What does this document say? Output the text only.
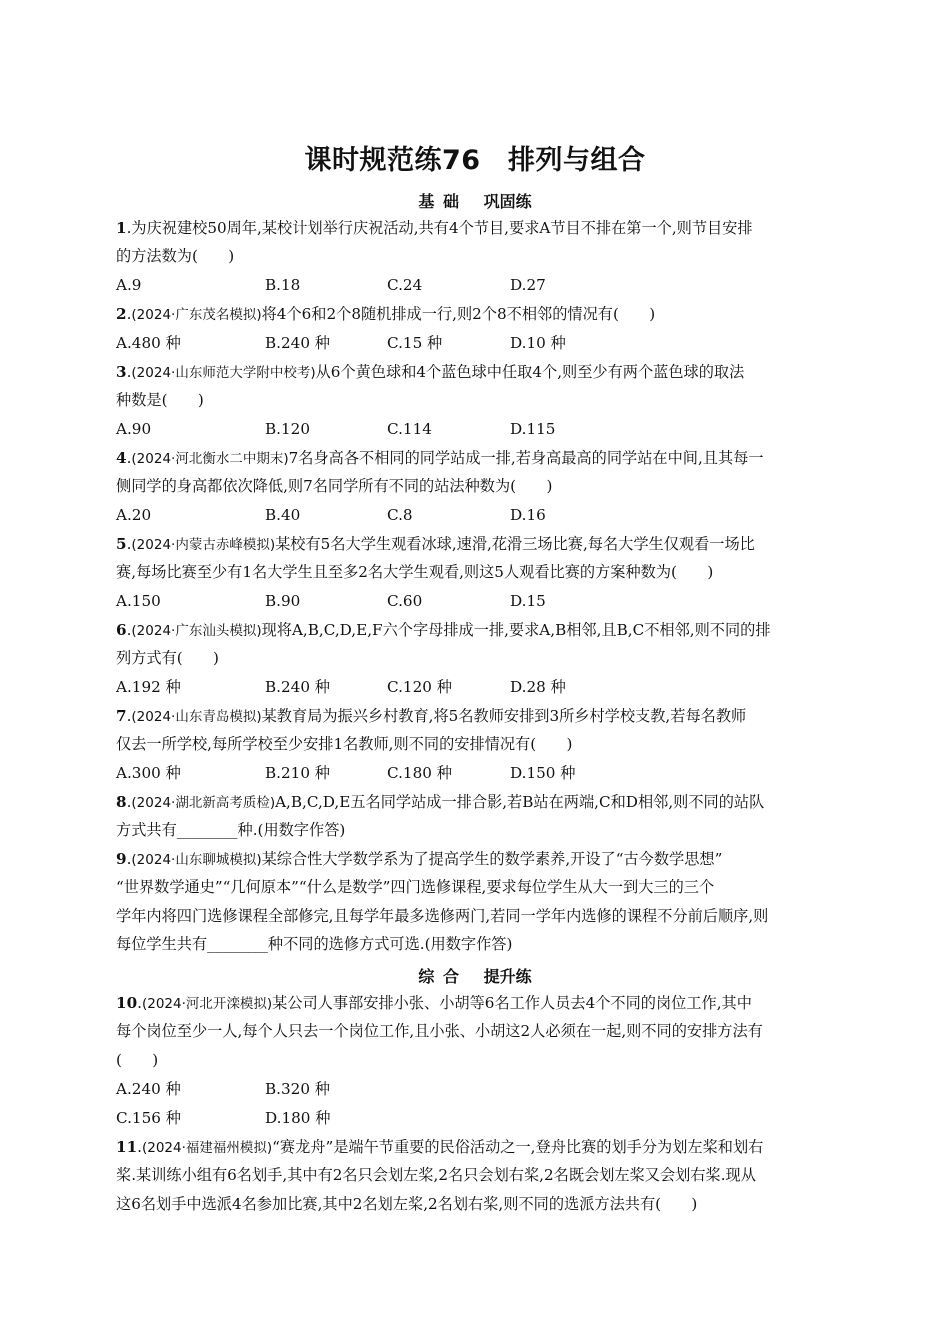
课时规范练76　排列与组合
基 础　 巩固练
1.为庆祝建校50周年,某校计划举行庆祝活动,共有4个节目,要求A节目不排在第一个,则节目安排
的方法数为(　　)
A.9	B.18	C.24	D.27
2.(2024·广东茂名模拟)将4个6和2个8随机排成一行,则2个8不相邻的情况有(　　)
A.480 种	B.240 种	C.15 种	D.10 种
3.(2024·山东师范大学附中校考)从6个黄色球和4个蓝色球中任取4个,则至少有两个蓝色球的取法
种数是(　　)
A.90	B.120	C.114	D.115
4.(2024·河北衡水二中期末)7名身高各不相同的同学站成一排,若身高最高的同学站在中间,且其每一
侧同学的身高都依次降低,则7名同学所有不同的站法种数为(　　)
A.20	B.40	C.8	D.16
5.(2024·内蒙古赤峰模拟)某校有5名大学生观看冰球,速滑,花滑三场比赛,每名大学生仅观看一场比
赛,每场比赛至少有1名大学生且至多2名大学生观看,则这5人观看比赛的方案种数为(　　)
A.150	B.90	C.60	D.15
6.(2024·广东汕头模拟)现将A,B,C,D,E,F六个字母排成一排,要求A,B相邻,且B,C不相邻,则不同的排
列方式有(　　)
A.192 种	B.240 种	C.120 种	D.28 种
7.(2024·山东青岛模拟)某教育局为振兴乡村教育,将5名教师安排到3所乡村学校支教,若每名教师
仅去一所学校,每所学校至少安排1名教师,则不同的安排情况有(　　)
A.300 种	B.210 种	C.180 种	D.150 种
8.(2024·湖北新高考质检)A,B,C,D,E五名同学站成一排合影,若B站在两端,C和D相邻,则不同的站队
方式共有________种.(用数字作答)
9.(2024·山东聊城模拟)某综合性大学数学系为了提高学生的数学素养,开设了“古今数学思想”
“世界数学通史”“几何原本”“什么是数学”四门选修课程,要求每位学生从大一到大三的三个
学年内将四门选修课程全部修完,且每学年最多选修两门,若同一学年内选修的课程不分前后顺序,则
每位学生共有________种不同的选修方式可选.(用数字作答)
综 合　 提升练
10.(2024·河北开滦模拟)某公司人事部安排小张、小胡等6名工作人员去4个不同的岗位工作,其中
每个岗位至少一人,每个人只去一个岗位工作,且小张、小胡这2人必须在一起,则不同的安排方法有
(　　)
A.240 种	B.320 种
C.156 种	D.180 种
11.(2024·福建福州模拟)“赛龙舟”是端午节重要的民俗活动之一,登舟比赛的划手分为划左桨和划右
桨.某训练小组有6名划手,其中有2名只会划左桨,2名只会划右桨,2名既会划左桨又会划右桨.现从
这6名划手中选派4名参加比赛,其中2名划左桨,2名划右桨,则不同的选派方法共有(　　)
